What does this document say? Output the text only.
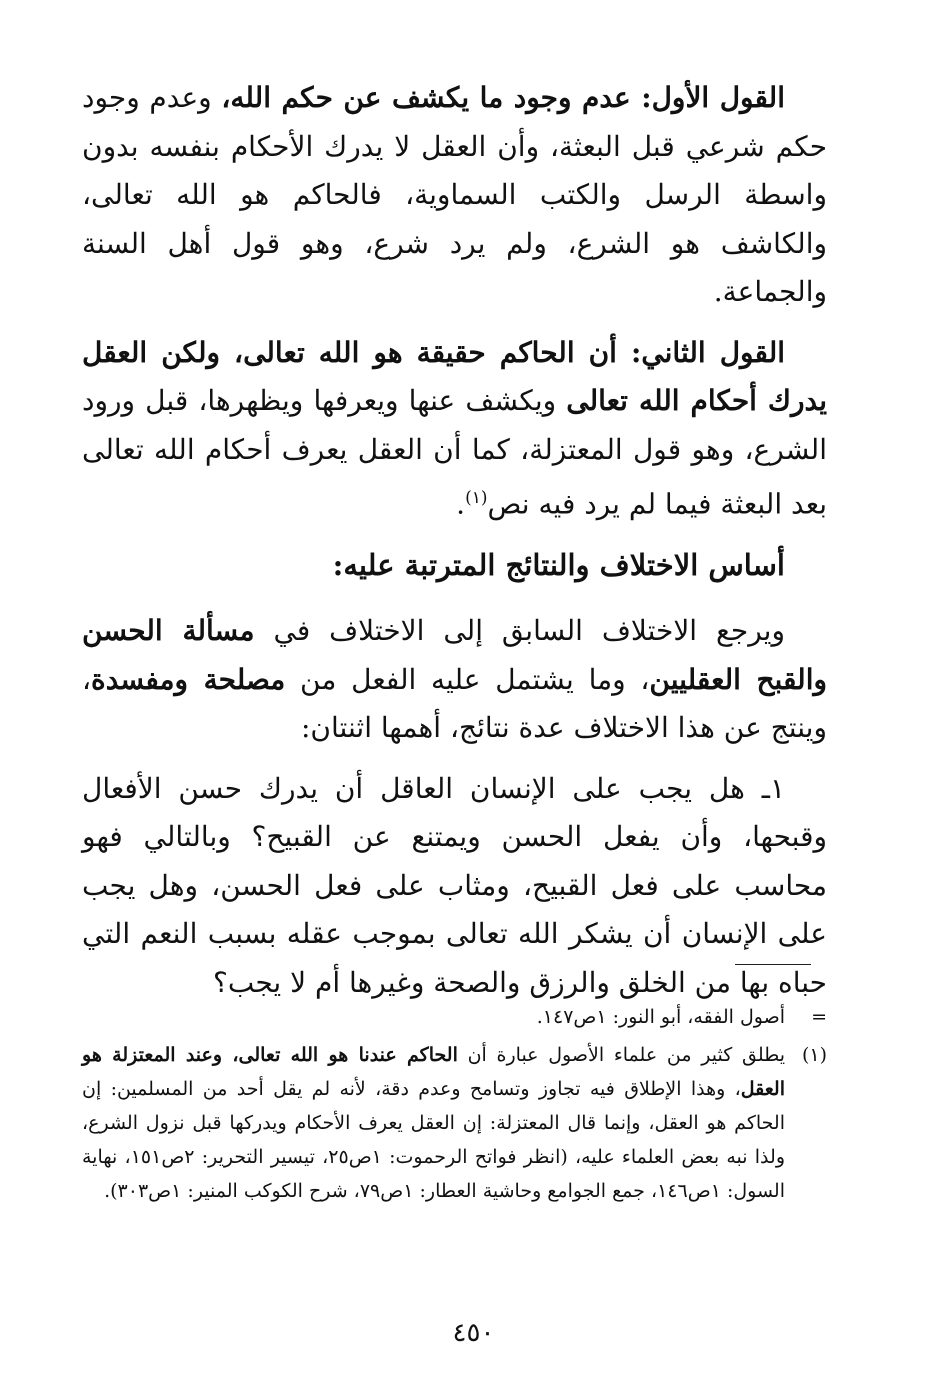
القول الأول: عدم وجود ما يكشف عن حكم الله، وعدم وجود حكم شرعي قبل البعثة، وأن العقل لا يدرك الأحكام بنفسه بدون واسطة الرسل والكتب السماوية، فالحاكم هو الله تعالى، والكاشف هو الشرع، ولم يرد شرع، وهو قول أهل السنة والجماعة.

القول الثاني: أن الحاكم حقيقة هو الله تعالى، ولكن العقل يدرك أحكام الله تعالى ويكشف عنها ويعرفها ويظهرها، قبل ورود الشرع، وهو قول المعتزلة، كما أن العقل يعرف أحكام الله تعالى بعد البعثة فيما لم يرد فيه نص$^{(١)}$.

أساس الاختلاف والنتائج المترتبة عليه:

ويرجع الاختلاف السابق إلى الاختلاف في مسألة الحسن والقبح العقليين، وما يشتمل عليه الفعل من مصلحة ومفسدة، وينتج عن هذا الاختلاف عدة نتائج، أهمها اثنتان:

١ـ هل يجب على الإنسان العاقل أن يدرك حسن الأفعال وقبحها، وأن يفعل الحسن ويمتنع عن القبيح؟ وبالتالي فهو محاسب على فعل القبيح، ومثاب على فعل الحسن، وهل يجب على الإنسان أن يشكر الله تعالى بموجب عقله بسبب النعم التي حباه بها من الخلق والرزق والصحة وغيرها أم لا يجب؟

=
أصول الفقه، أبو النور: ١ص١٤٧.
(١)
يطلق كثير من علماء الأصول عبارة أن الحاكم عندنا هو الله تعالى، وعند المعتزلة هو العقل، وهذا الإطلاق فيه تجاوز وتسامح وعدم دقة، لأنه لم يقل أحد من المسلمين: إن الحاكم هو العقل، وإنما قال المعتزلة: إن العقل يعرف الأحكام ويدركها قبل نزول الشرع، ولذا نبه بعض العلماء عليه، (انظر فواتح الرحموت: ١ص٢٥، تيسير التحرير: ٢ص١٥١، نهاية السول: ١ص١٤٦، جمع الجوامع وحاشية العطار: ١ص٧٩، شرح الكوكب المنير: ١ص٣٠٣).
٤٥٠
